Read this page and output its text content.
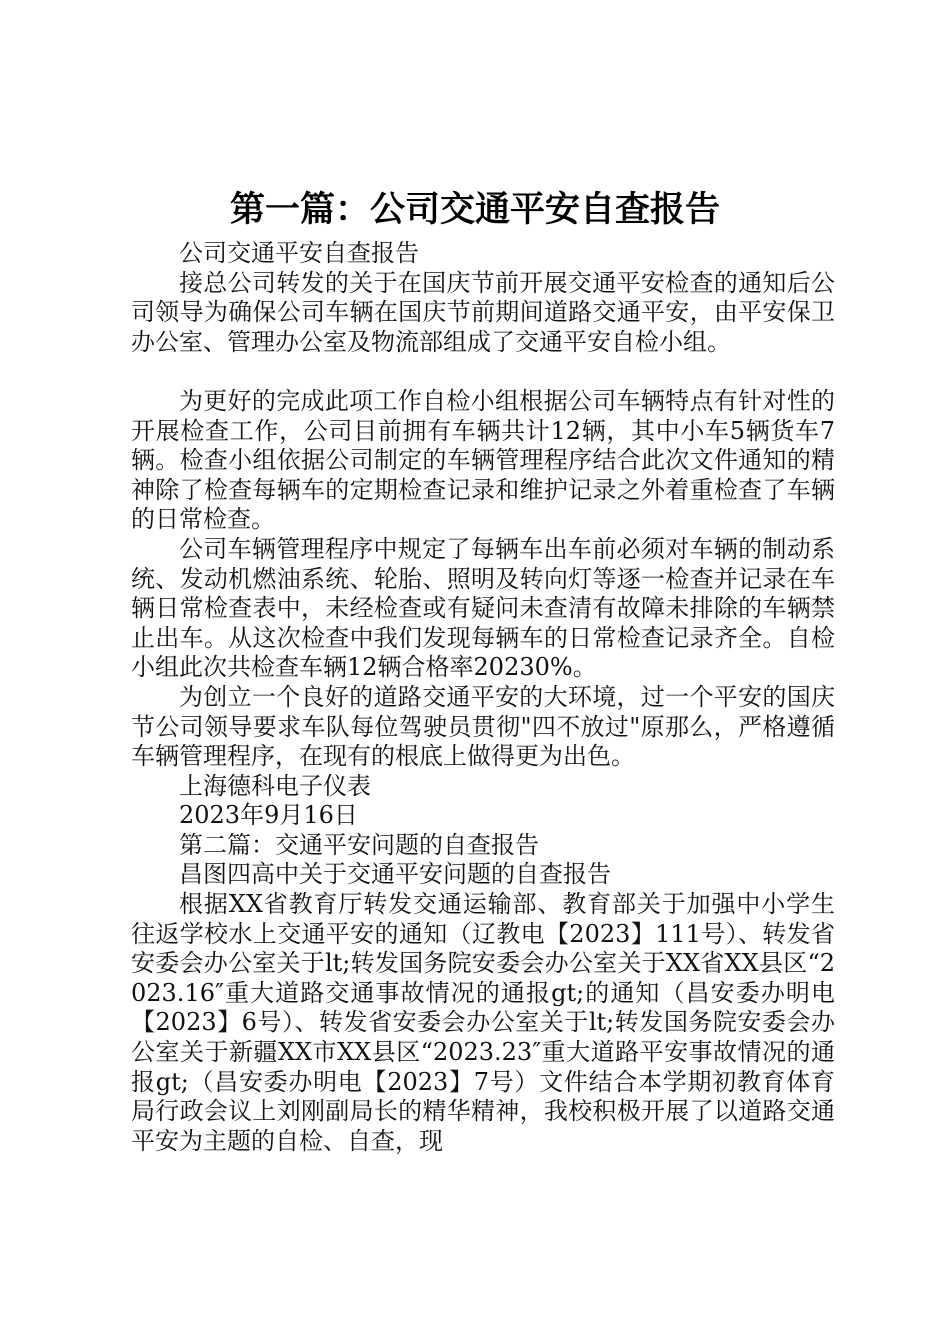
第一篇：公司交通平安自查报告

公司交通平安自查报告

接总公司转发的关于在国庆节前开展交通平安检查的通知后公司领导为确保公司车辆在国庆节前期间道路交通平安，由平安保卫办公室、管理办公室及物流部组成了交通平安自检小组。

为更好的完成此项工作自检小组根据公司车辆特点有针对性的开展检查工作，公司目前拥有车辆共计12辆，其中小车5辆货车7辆。检查小组依据公司制定的车辆管理程序结合此次文件通知的精神除了检查每辆车的定期检查记录和维护记录之外着重检查了车辆的日常检查。

公司车辆管理程序中规定了每辆车出车前必须对车辆的制动系统、发动机燃油系统、轮胎、照明及转向灯等逐一检查并记录在车辆日常检查表中，未经检查或有疑问未查清有故障未排除的车辆禁止出车。从这次检查中我们发现每辆车的日常检查记录齐全。自检小组此次共检查车辆12辆合格率20230%。

为创立一个良好的道路交通平安的大环境，过一个平安的国庆节公司领导要求车队每位驾驶员贯彻"四不放过"原那么，严格遵循车辆管理程序，在现有的根底上做得更为出色。

上海德科电子仪表

2023年9月16日

第二篇：交通平安问题的自查报告

昌图四高中关于交通平安问题的自查报告

根据XX省教育厅转发交通运输部、教育部关于加强中小学生往返学校水上交通平安的通知（辽教电【2023】111号）、转发省安委会办公室关于lt;转发国务院安委会办公室关于XX省XX县区“2023.16″重大道路交通事故情况的通报gt;的通知（昌安委办明电【2023】6号）、转发省安委会办公室关于lt;转发国务院安委会办公室关于新疆XX市XX县区“2023.23″重大道路平安事故情况的通报gt;（昌安委办明电【2023】7号）文件结合本学期初教育体育局行政会议上刘刚副局长的精华精神，我校积极开展了以道路交通平安为主题的自检、自查，现
